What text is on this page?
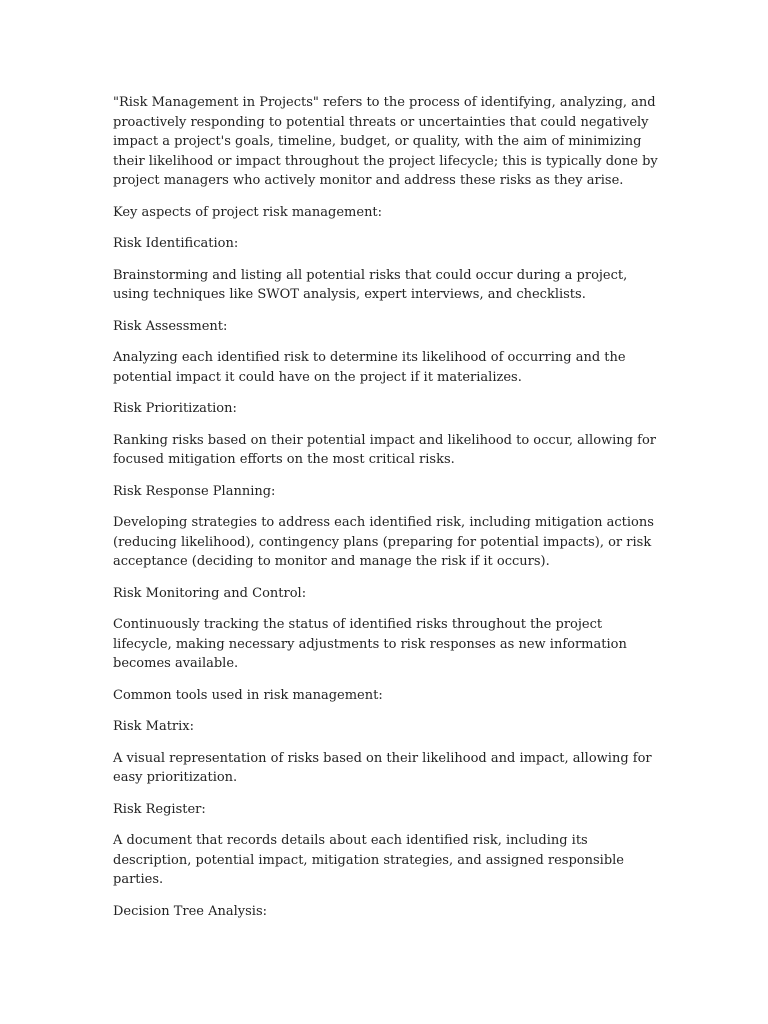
"Risk Management in Projects" refers to the process of identifying, analyzing, and proactively responding to potential threats or uncertainties that could negatively impact a project's goals, timeline, budget, or quality, with the aim of minimizing their likelihood or impact throughout the project lifecycle; this is typically done by project managers who actively monitor and address these risks as they arise.

Key aspects of project risk management:

Risk Identification:

Brainstorming and listing all potential risks that could occur during a project, using techniques like SWOT analysis, expert interviews, and checklists.

Risk Assessment:

Analyzing each identified risk to determine its likelihood of occurring and the potential impact it could have on the project if it materializes.

Risk Prioritization:

Ranking risks based on their potential impact and likelihood to occur, allowing for focused mitigation efforts on the most critical risks.

Risk Response Planning:

Developing strategies to address each identified risk, including mitigation actions (reducing likelihood), contingency plans (preparing for potential impacts), or risk acceptance (deciding to monitor and manage the risk if it occurs).

Risk Monitoring and Control:

Continuously tracking the status of identified risks throughout the project lifecycle, making necessary adjustments to risk responses as new information becomes available.

Common tools used in risk management:

Risk Matrix:

A visual representation of risks based on their likelihood and impact, allowing for easy prioritization.

Risk Register:

A document that records details about each identified risk, including its description, potential impact, mitigation strategies, and assigned responsible parties.

Decision Tree Analysis:
